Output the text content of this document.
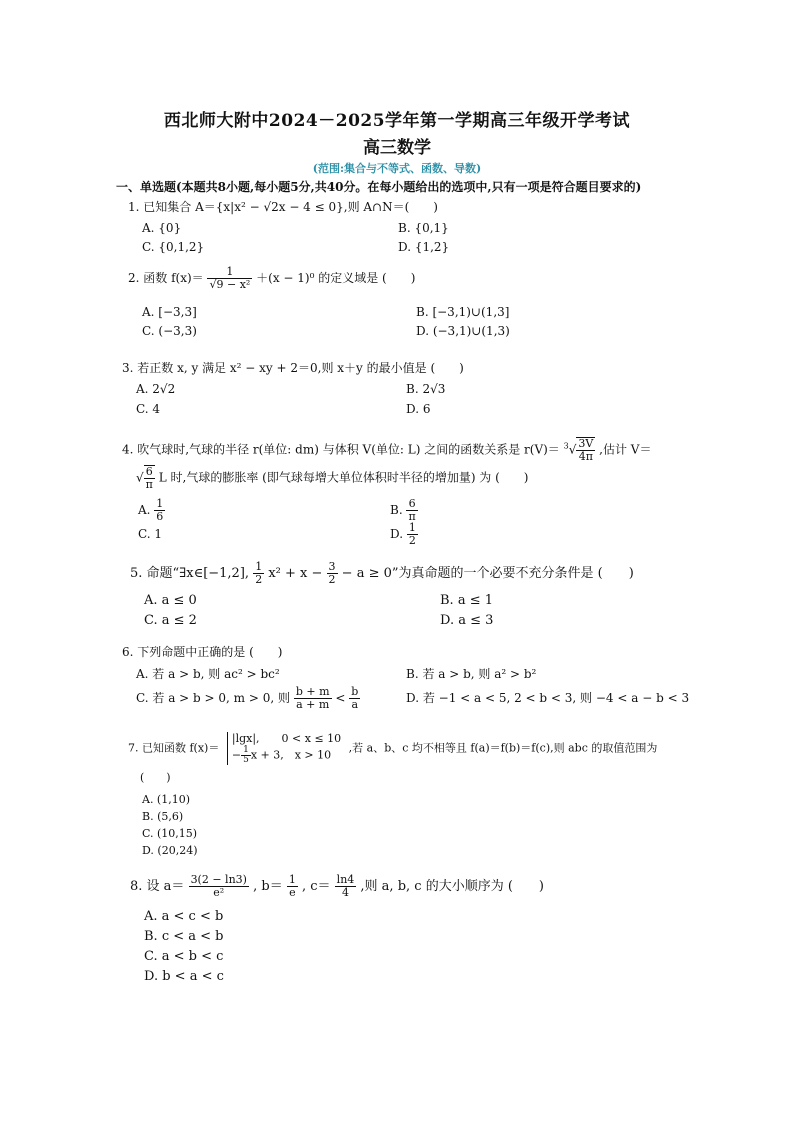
西北师大附中2024－2025学年第一学期高三年级开学考试
高三数学
(范围:集合与不等式、函数、导数)
一、单选题(本题共8小题,每小题5分,共40分。在每小题给出的选项中,只有一项是符合题目要求的)
1. 已知集合 A＝{x|x² − √2x − 4 ≤ 0},则 A∩N＝(　　)
A. {0}	B. {0,1}
C. {0,1,2}	D. {1,2}
2. 函数 $f(x)= \frac{1}{\text{√9 − x²}} +(x - 1)^0$ 的定义域是 (　　)
A. [−3,3]	B. [−3,1)∪(1,3]
C. (−3,3)	D. (−3,1)∪(1,3)
3. 若正数 x, y 满足 x² − xy + 2＝0,则 x＋y 的最小值是 (　　)
A. 2√2	B. 2√3
C. 4	D. 6
4. 吹气球时,气球的半径 r(单位: dm) 与体积 V(单位: L) 之间的函数关系是 $r(V)= ^3√ \frac{3V}{4\pi}$ ,估计 V＝
√ $\frac{6}{\pi}$ L 时,气球的膨胀率 (即气球每增大单位体积时半径的增加量) 为 (　　)
A. $\frac{1}{6}$	B. $\frac{6}{\pi}$
C. 1	D. $\frac{1}{2}$
5. 命题“∃x∈[−1,2], $\frac{1}{2} x^2 + x - \frac{3}{2} - a \ge 0$”为真命题的一个必要不充分条件是 (　　)
A. a ≤ 0	B. a ≤ 1
C. a ≤ 2	D. a ≤ 3
6. 下列命题中正确的是 (　　)
A. 若 a > b, 则 ac² > bc²	B. 若 a > b, 则 a² > b²
C. 若 a > b > 0, m > 0, 则 $\frac{b + m}{a + m} < \frac{b}{a}$	D. 若 −1 < a < 5, 2 < b < 3, 则 −4 < a − b < 3
7. 已知函数 f(x)＝
|lgx|,　　0 < x ≤ 10
− $\frac{1}{5}$ x + 3,　x > 10
,若 a、b、c 均不相等且 f(a)＝f(b)＝f(c),则 abc 的取值范围为
(　　)
A. (1,10)
B. (5,6)
C. (10,15)
D. (20,24)
8. 设 $a= \frac{3(2 - \ln 3)}{\text{e²}}$ , $b= \frac{1}{e}$ , $c= \frac{\ln 4}{4}$ ,则 a, b, c 的大小顺序为 (　　)
A. a < c < b
B. c < a < b
C. a < b < c
D. b < a < c
